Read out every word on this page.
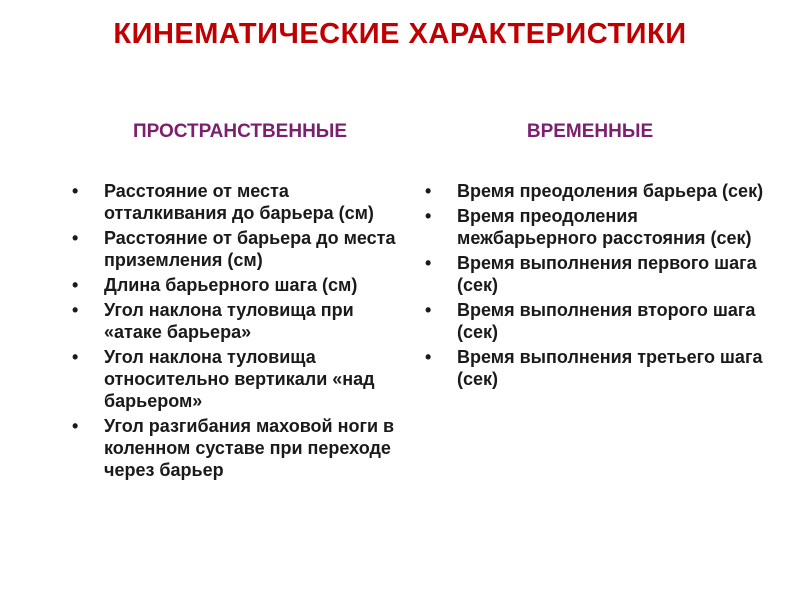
КИНЕМАТИЧЕСКИЕ ХАРАКТЕРИСТИКИ
ПРОСТРАНСТВЕННЫЕ	ВРЕМЕННЫЕ
• Расстояние от места отталкивания до барьера (см)
• Расстояние от барьера до места приземления (см)
• Длина барьерного шага (см)
• Угол наклона туловища при «атаке барьера»
• Угол наклона туловища относительно вертикали «над барьером»
• Угол разгибания маховой ноги в коленном суставе при переходе через барьер
• Время преодоления барьера (сек)
• Время преодоления межбарьерного расстояния (сек)
• Время выполнения первого шага (сек)
• Время выполнения второго шага (сек)
• Время выполнения третьего шага (сек)
